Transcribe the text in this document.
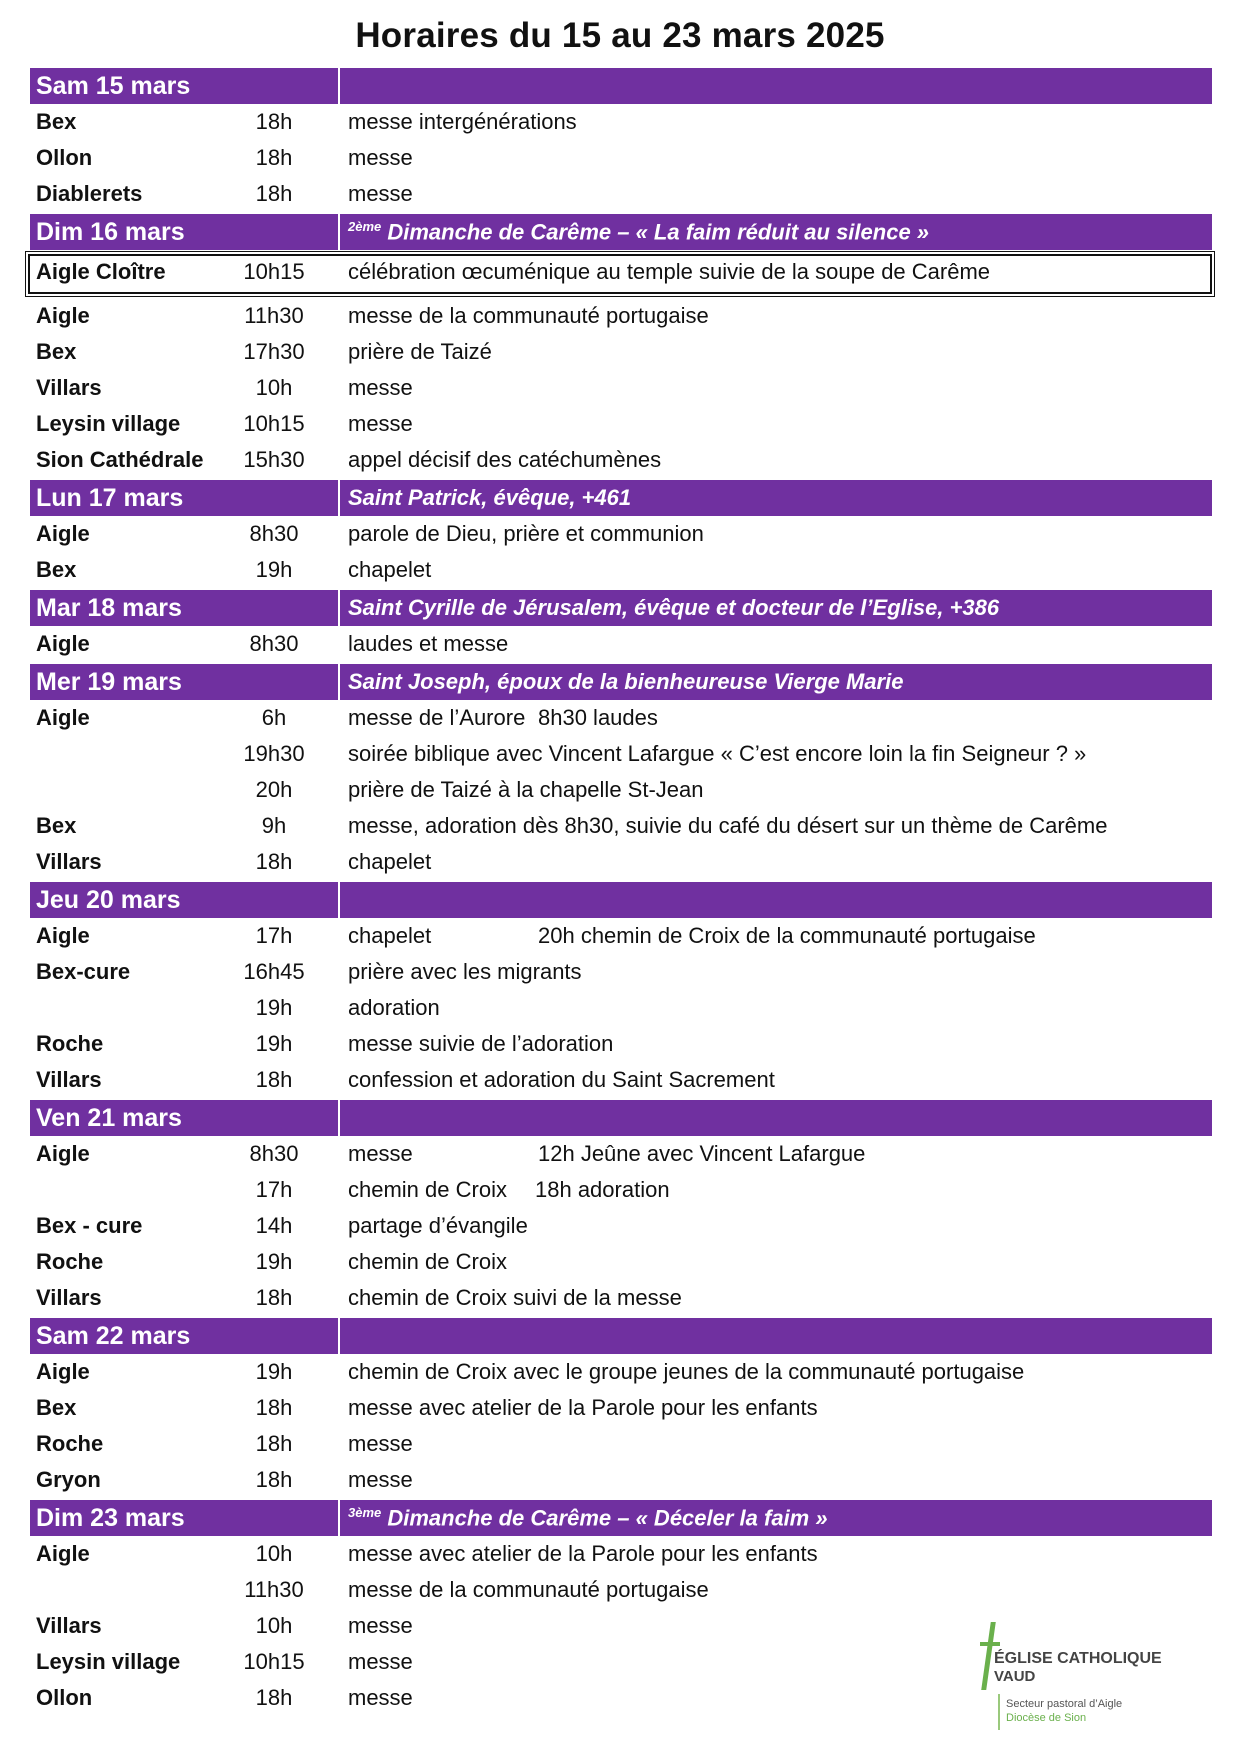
Horaires du 15 au 23 mars 2025
Sam 15 mars
Bex	18h	messe intergénérations
Ollon	18h	messe
Diablerets	18h	messe
Dim 16 mars	$^{2ème}$ Dimanche de Carême – « La faim réduit au silence »
Aigle Cloître	10h15	célébration œcuménique au temple suivie de la soupe de Carême
Aigle	11h30	messe de la communauté portugaise
Bex	17h30	prière de Taizé
Villars	10h	messe
Leysin village	10h15	messe
Sion Cathédrale	15h30	appel décisif des catéchumènes
Lun 17 mars	Saint Patrick, évêque, +461
Aigle	8h30	parole de Dieu, prière et communion
Bex	19h	chapelet
Mar 18 mars	Saint Cyrille de Jérusalem, évêque et docteur de l’Eglise, +386
Aigle	8h30	laudes et messe
Mer 19 mars	Saint Joseph, époux de la bienheureuse Vierge Marie
Aigle	6h	messe de l’Aurore 8h30 laudes
19h30	soirée biblique avec Vincent Lafargue « C’est encore loin la fin Seigneur ? »
20h	prière de Taizé à la chapelle St-Jean
Bex	9h	messe, adoration dès 8h30, suivie du café du désert sur un thème de Carême
Villars	18h	chapelet
Jeu 20 mars
Aigle	17h	chapelet	20h chemin de Croix de la communauté portugaise
Bex-cure	16h45	prière avec les migrants
19h	adoration
Roche	19h	messe suivie de l’adoration
Villars	18h	confession et adoration du Saint Sacrement
Ven 21 mars
Aigle	8h30	messe	12h Jeûne avec Vincent Lafargue
17h	chemin de Croix 18h adoration
Bex - cure	14h	partage d’évangile
Roche	19h	chemin de Croix
Villars	18h	chemin de Croix suivi de la messe
Sam 22 mars
Aigle	19h	chemin de Croix avec le groupe jeunes de la communauté portugaise
Bex	18h	messe avec atelier de la Parole pour les enfants
Roche	18h	messe
Gryon	18h	messe
Dim 23 mars	$^{3ème}$ Dimanche de Carême – « Déceler la faim »
Aigle	10h	messe avec atelier de la Parole pour les enfants
11h30	messe de la communauté portugaise
Villars	10h	messe
Leysin village	10h15	messe
Ollon	18h	messe
ÉGLISE CATHOLIQUE
VAUD
Secteur pastoral d’Aigle
Diocèse de Sion
